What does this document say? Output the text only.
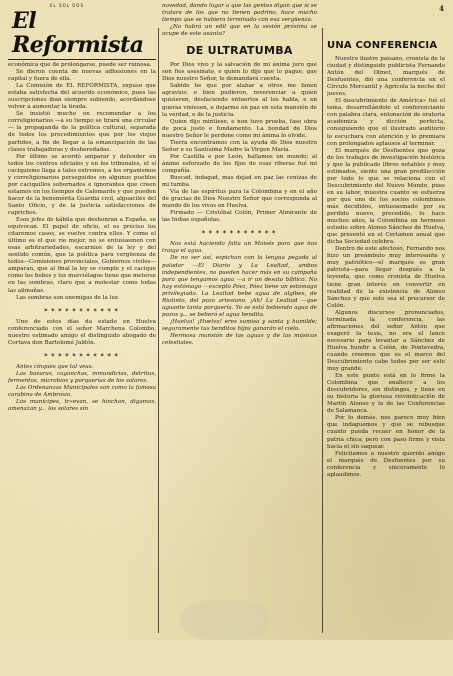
4
EL SOL DOS
El Reformista

económica que de prolongarse, puede ser ruinosa.

Se dieron cuenta de nuevas adhesiones en la capital y fuera de ella.

La Comisión de EL REFORMISTA, expuso que estaba satisfecha del acuerdo económico, pues las suscripciones iban siempre subiendo, acordándose volver a aumentar la tirada.

Se insistió mucho en recomendar a los correligionarios —a su tiempo se tirará una circular— la propaganda de la política cultural, separada de todos los procedimientos que por los viejos partidos, a fin de llegar a la emancipación de las clases trabajadoras y desheredadas.

Por último se acordó amparar y defender en todos los centros oficiales y en los tribunales, el sí caciquismo llega a tales extremos, a los organismos y correligionarios perseguidos en algunos pueblos por caciquillos sobornados e ignorantes que creen estamos en los tiempos de Calomarde y que pueden hacer de la benemérita Guardia civil, alguaciles del Santo Oficio, y de la justicia satisfacciones de caprichos.

Esos jefes de kábila que deshonran a España, se equivocan. El papel de oficio, el es preciso los citaremos casos, se vuelve contra ellos. Y como el último es el que ríe mejor, no se entusiasmen con esas arbitrariedades, escarnios de la ley y del sentido común, que la política para vergüenza de todos—Comisiones provinciales, Gobiernos civiles—amparan, que al final la ley se cumple y el cacique como los bobos y los murciélagos tiene que meterse en las sombras, claro que a molestar como todas las alimañas.

Las sombras son enemigas de la luz.

✶✶✶✶✶✶✶✶✶✶✶

Uno de estos días da estado en Huelva conferenciado con el señor Marchena Colombo, nuestro estimado amigo el distinguido abogado de Cortava don Bartolomé Jaldón.

✶✶✶✶✶✶✶✶✶✶✶

Antes cinques que tal veas.

Las basuras, caganchas, inmundicias, detritus, fermentos, microbios y porquerías de los solares.

Las Ordenanzas Municipales son como la famosa carabina de Ambrosio.

Los munícipes, tr«evan, se hinchan, digamos, amenazan y... los solares sin

novedad, dando lugar a que las gentes digan que si se tratara de los que no tienen padrino, hace mucho tiempo que se hubiera terminado con esa vergüenza.

¿No habrá un edil que en la sesión próxima se ocupe de este asunto?

DE ULTRATUMBA

Por Dios vivo y la salvación de mi ánima juro que son fios asesinato, e quien lo dijo que lo pague, que Dios nuestro Señor, le demandará cuenta.

Sabido he que por alabar a otros me fanen agravios; e bien pudieron, reverenciar a quien quisieren, desfaciendo entuertos al los habla, e en gueras viniesen, e dejarme en paz en esta mansión de la verdad, e de la justicia.

Quien dijo mintiese, e non tuvo prueba, faso obra de poca justo e fundamento. La bondad de Dios nuestro Señor le perdone como mi ánima lo olvide.

Tierra encontramos con la ayuda de Dios nuestro Señor e su Santísima Madre la Virgen María.

Por Castilla e por León, hallamos un mundo; al ánimo esforzado de los fijos de esas riberas fué mi compañía.

Buscad, indagad, mas dejad en paz las cenizas de mi tumba.

Vía de las espíritus para la Colombina y en el año de gracias de Dios Nuestro Señor que corresponda al mundo de los vivos en Huelva.

Firmado — Cristóbal Colón, Primer Almirante de las Indias españolas.

✶✶✶✶✶✶✶✶✶✶✶

Nos está haciendo falta un Moisés para que nos traiga el agua.

De no ser así, espichan con la lengua pegada al paladar —El Diario y La Lealtad, ambos independientes, no pueden hacer más en su campaña para que tengamos agua —a ir un desato bíblico. No hay estómago —excepto Póez, Póez tiene un estómago privilegiado. La Lealtad bebe agua de algibes, de Riotinto, del pozo artesiano. ¡Ah! La Lealtad —que aguante tanta porquería. Yo se está bebiendo agua de pozos y... se beberá el agua bendita.

¡Huelva! ¡Huelva! eres sumisa y santa y humilde; seguramente tus benditos hijos ganarán el cielo.

Hermosa mansión de las aguas y de las músicas celestiales.

UNA CONFERENCIA

Nuestro ilustre paisano, cronista de la ciudad y distinguido publicista Fernando Antón del Olmet, marqués de Desfuentes, dió una conferencia en el Círculo Mercantil y Agrícola la noche del jueves.

El descubrimiento de América» fué el tema, desarrollándolo el conferenciante con palabra clara, entonación de oratoria académica y dicción perfecta, consiguiendo que el ilustrado auditorio lo escuchara con atención y lo premiara con prolongados aplausos al terminar.

El marqués de Desfuentes que goza de los trabajos de investigación histórica y que la publicado libros notables y muy estimados, siente una gran predilección por todo lo que se relaciona con el Descubrimiento del Nuevo Mundo, pues en su labor, muestra cuanto se esfuerza por que uno de los socios colombinos más decididos, entusiasmado por su perdido nuevo, precedido, lo hace muchos años, la Colombina un hermoso estudio sobre Alonso Sánchez de Huelva, que presentó en el Certamen anual que dicha Sociedad celebra.

Dentro de este afectoso, Fernando nos hizo un preámbulo muy interesante y muy patriótico—el marqués es gran patriota—para llegar después a la leyenda, que como cronista de Huelva tiene gran interés en convertir en realidad de la existencia de Alonso Sánchez y que este sea el precursor de Colón.

Algunos discursos pronunciados, terminada la conferencia, las afirmaciones del señor Antón que exageró la tesis, no era el lance necesario para levantar a Sánchez de Huelva hundir a Colón, de Pontevedra, cuando creemos que es el marco del Descubrimiento cabe todos por ser este muy grande.

En este punto está en lo firme la Colombina que enaltece a los descubridores, sin distingos, y tiene en su historia la gloriosa reivindicación de Martín Alonso y la de las Conferencias de Salamanca.

Por lo demás, nos parece muy bien que indaguemos y que se rebusque cuanto pueda recaer en honor de la patria chica, pero con paso firme y vista hacia el sin saquear.

Felicitamos a nuestro querido amigo el marqués de Desfuentes por su conferencia y sinceramente lo aplaudimos.
